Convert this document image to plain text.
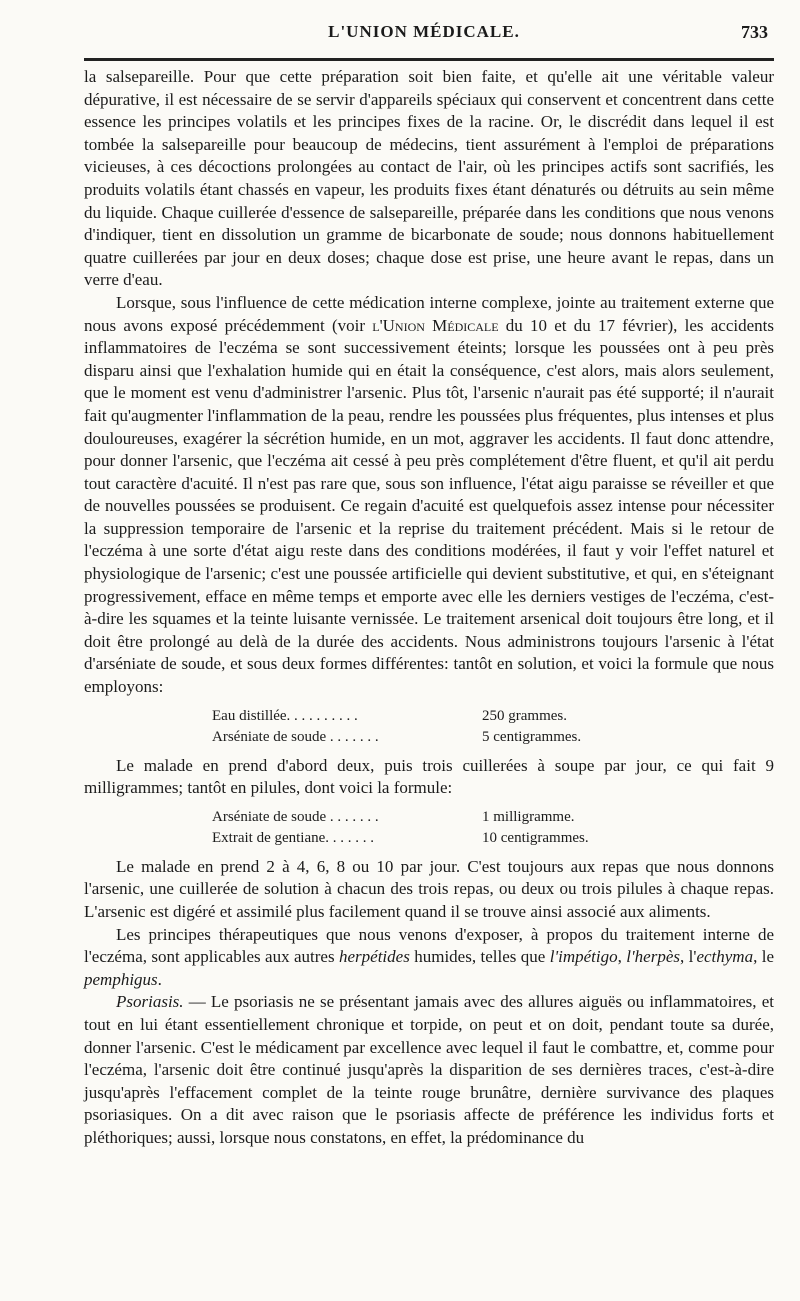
L'UNION MÉDICALE.	733

la salsepareille. Pour que cette préparation soit bien faite, et qu'elle ait une véritable valeur dépurative, il est nécessaire de se servir d'appareils spéciaux qui conservent et concentrent dans cette essence les principes volatils et les principes fixes de la racine. Or, le discrédit dans lequel il est tombée la salsepareille pour beaucoup de médecins, tient assurément à l'emploi de préparations vicieuses, à ces décoctions prolongées au contact de l'air, où les principes actifs sont sacrifiés, les produits volatils étant chassés en vapeur, les produits fixes étant dénaturés ou détruits au sein même du liquide. Chaque cuillerée d'essence de salsepareille, préparée dans les conditions que nous venons d'indiquer, tient en dissolution un gramme de bicarbonate de soude; nous donnons habituellement quatre cuillerées par jour en deux doses; chaque dose est prise, une heure avant le repas, dans un verre d'eau.

Lorsque, sous l'influence de cette médication interne complexe, jointe au traitement externe que nous avons exposé précédemment (voir l'Union Médicale du 10 et du 17 février), les accidents inflammatoires de l'eczéma se sont successivement éteints; lorsque les poussées ont à peu près disparu ainsi que l'exhalation humide qui en était la conséquence, c'est alors, mais alors seulement, que le moment est venu d'administrer l'arsenic. Plus tôt, l'arsenic n'aurait pas été supporté; il n'aurait fait qu'augmenter l'inflammation de la peau, rendre les poussées plus fréquentes, plus intenses et plus douloureuses, exagérer la sécrétion humide, en un mot, aggraver les accidents. Il faut donc attendre, pour donner l'arsenic, que l'eczéma ait cessé à peu près complétement d'être fluent, et qu'il ait perdu tout caractère d'acuité. Il n'est pas rare que, sous son influence, l'état aigu paraisse se réveiller et que de nouvelles poussées se produisent. Ce regain d'acuité est quelquefois assez intense pour nécessiter la suppression temporaire de l'arsenic et la reprise du traitement précédent. Mais si le retour de l'eczéma à une sorte d'état aigu reste dans des conditions modérées, il faut y voir l'effet naturel et physiologique de l'arsenic; c'est une poussée artificielle qui devient substitutive, et qui, en s'éteignant progressivement, efface en même temps et emporte avec elle les derniers vestiges de l'eczéma, c'est-à-dire les squames et la teinte luisante vernissée. Le traitement arsenical doit toujours être long, et il doit être prolongé au delà de la durée des accidents. Nous administrons toujours l'arsenic à l'état d'arséniate de soude, et sous deux formes différentes: tantôt en solution, et voici la formule que nous employons:

Eau distillée. . . . . . . . . .	250 grammes.
Arséniate de soude . . . . . . .	5 centigrammes.

Le malade en prend d'abord deux, puis trois cuillerées à soupe par jour, ce qui fait 9 milligrammes; tantôt en pilules, dont voici la formule:

Arséniate de soude . . . . . . .	1 milligramme.
Extrait de gentiane. . . . . . .	10 centigrammes.

Le malade en prend 2 à 4, 6, 8 ou 10 par jour. C'est toujours aux repas que nous donnons l'arsenic, une cuillerée de solution à chacun des trois repas, ou deux ou trois pilules à chaque repas. L'arsenic est digéré et assimilé plus facilement quand il se trouve ainsi associé aux aliments.

Les principes thérapeutiques que nous venons d'exposer, à propos du traitement interne de l'eczéma, sont applicables aux autres herpétides humides, telles que l'impétigo, l'herpès, l'ecthyma, le pemphigus.

Psoriasis. — Le psoriasis ne se présentant jamais avec des allures aiguës ou inflammatoires, et tout en lui étant essentiellement chronique et torpide, on peut et on doit, pendant toute sa durée, donner l'arsenic. C'est le médicament par excellence avec lequel il faut le combattre, et, comme pour l'eczéma, l'arsenic doit être continué jusqu'après la disparition de ses dernières traces, c'est-à-dire jusqu'après l'effacement complet de la teinte rouge brunâtre, dernière survivance des plaques psoriasiques. On a dit avec raison que le psoriasis affecte de préférence les individus forts et pléthoriques; aussi, lorsque nous constatons, en effet, la prédominance du
